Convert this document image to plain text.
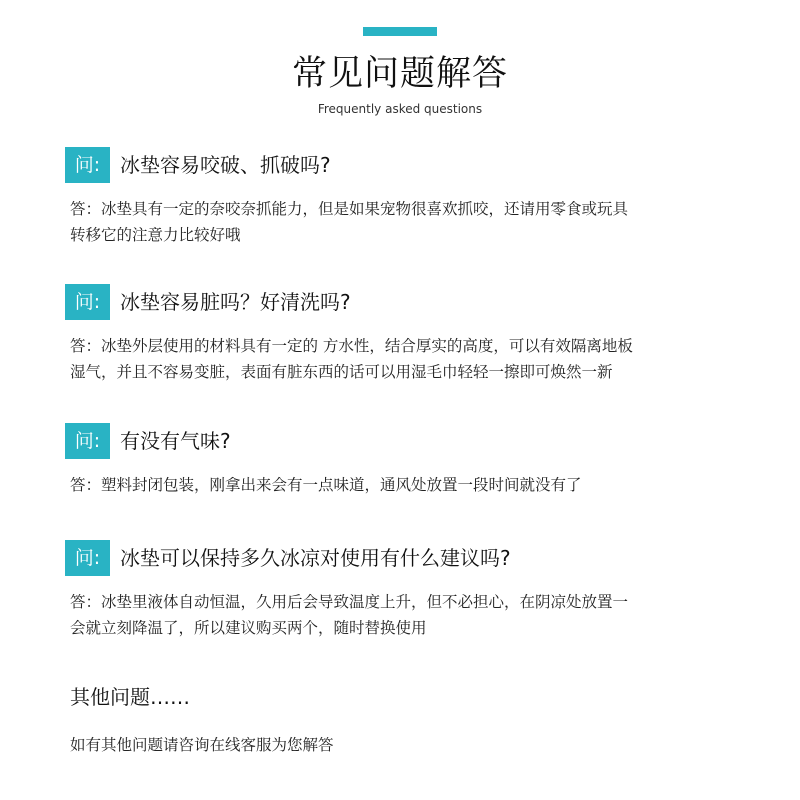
常见问题解答
Frequently asked questions
问: 冰垫容易咬破、抓破吗?
答：冰垫具有一定的奈咬奈抓能力，但是如果宠物很喜欢抓咬，还请用零食或玩具
转移它的注意力比较好哦
问: 冰垫容易脏吗？好清洗吗?
答：冰垫外层使用的材料具有一定的 方水性，结合厚实的高度，可以有效隔离地板
湿气，并且不容易变脏，表面有脏东西的话可以用湿毛巾轻轻一擦即可焕然一新
问: 有没有气味?
答：塑料封闭包装，刚拿出来会有一点味道，通风处放置一段时间就没有了
问: 冰垫可以保持多久冰凉对使用有什么建议吗?
答：冰垫里液体自动恒温，久用后会导致温度上升，但不必担心，在阴凉处放置一
会就立刻降温了，所以建议购买两个，随时替换使用
其他问题……
如有其他问题请咨询在线客服为您解答
